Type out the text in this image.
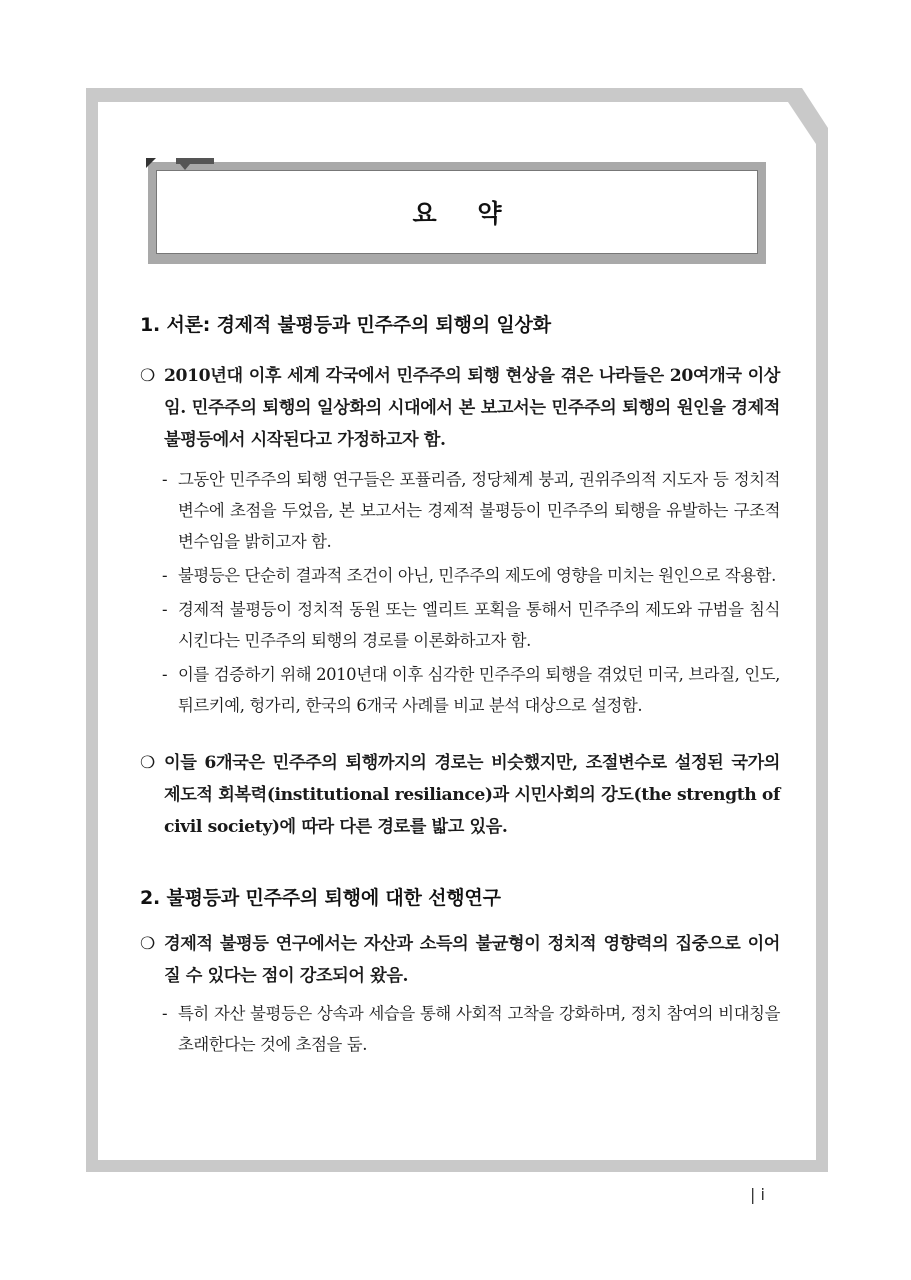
요 약
1. 서론: 경제적 불평등과 민주주의 퇴행의 일상화
❍ 2010년대 이후 세계 각국에서 민주주의 퇴행 현상을 겪은 나라들은 20여개국 이상임. 민주주의 퇴행의 일상화의 시대에서 본 보고서는 민주주의 퇴행의 원인을 경제적 불평등에서 시작된다고 가정하고자 함.
- 그동안 민주주의 퇴행 연구들은 포퓰리즘, 정당체계 붕괴, 권위주의적 지도자 등 정치적 변수에 초점을 두었음, 본 보고서는 경제적 불평등이 민주주의 퇴행을 유발하는 구조적 변수임을 밝히고자 함.
- 불평등은 단순히 결과적 조건이 아닌, 민주주의 제도에 영향을 미치는 원인으로 작용함.
- 경제적 불평등이 정치적 동원 또는 엘리트 포획을 통해서 민주주의 제도와 규범을 침식시킨다는 민주주의 퇴행의 경로를 이론화하고자 함.
- 이를 검증하기 위해 2010년대 이후 심각한 민주주의 퇴행을 겪었던 미국, 브라질, 인도, 튀르키예, 헝가리, 한국의 6개국 사례를 비교 분석 대상으로 설정함.
❍ 이들 6개국은 민주주의 퇴행까지의 경로는 비슷했지만, 조절변수로 설정된 국가의 제도적 회복력(institutional resiliance)과 시민사회의 강도(the strength of civil society)에 따라 다른 경로를 밟고 있음.
2. 불평등과 민주주의 퇴행에 대한 선행연구
❍ 경제적 불평등 연구에서는 자산과 소득의 불균형이 정치적 영향력의 집중으로 이어질 수 있다는 점이 강조되어 왔음.
- 특히 자산 불평등은 상속과 세습을 통해 사회적 고착을 강화하며, 정치 참여의 비대칭을 초래한다는 것에 초점을 둠.
| i
